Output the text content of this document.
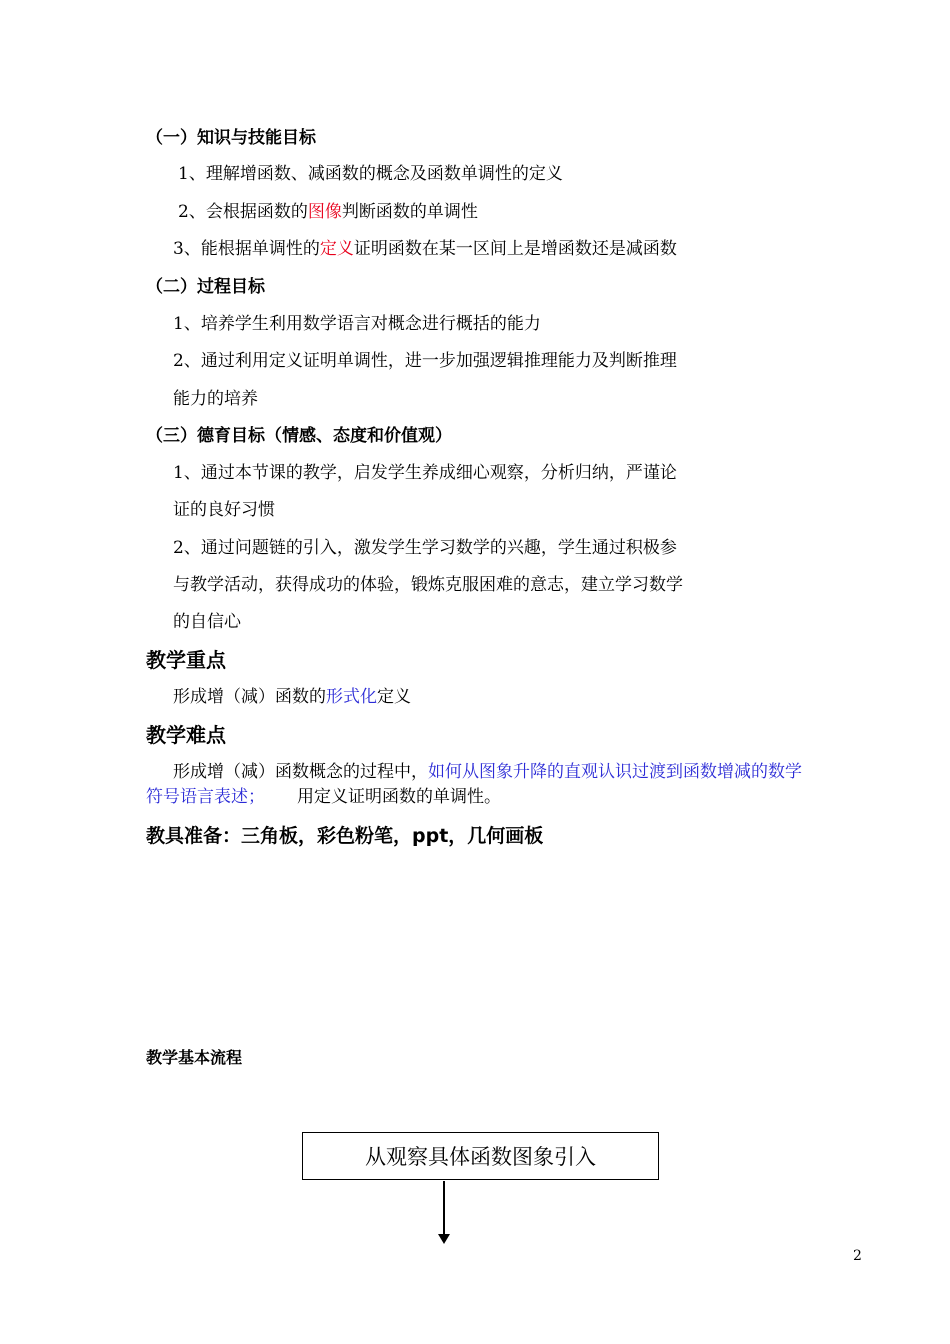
（一）知识与技能目标
1、理解增函数、减函数的概念及函数单调性的定义
2、会根据函数的图像判断函数的单调性
3、能根据单调性的定义证明函数在某一区间上是增函数还是减函数
（二）过程目标
1、培养学生利用数学语言对概念进行概括的能力
2、通过利用定义证明单调性，进一步加强逻辑推理能力及判断推理
能力的培养
（三）德育目标（情感、态度和价值观）
1、通过本节课的教学，启发学生养成细心观察，分析归纳，严谨论
证的良好习惯
2、通过问题链的引入，激发学生学习数学的兴趣，学生通过积极参
与教学活动，获得成功的体验，锻炼克服困难的意志，建立学习数学
的自信心
教学重点
形成增（减）函数的形式化定义
教学难点
形成增（减）函数概念的过程中，如何从图象升降的直观认识过渡到函数增减的数学
符号语言表述； 用定义证明函数的单调性。
教具准备：三角板，彩色粉笔，ppt，几何画板
教学基本流程
从观察具体函数图象引入
2
